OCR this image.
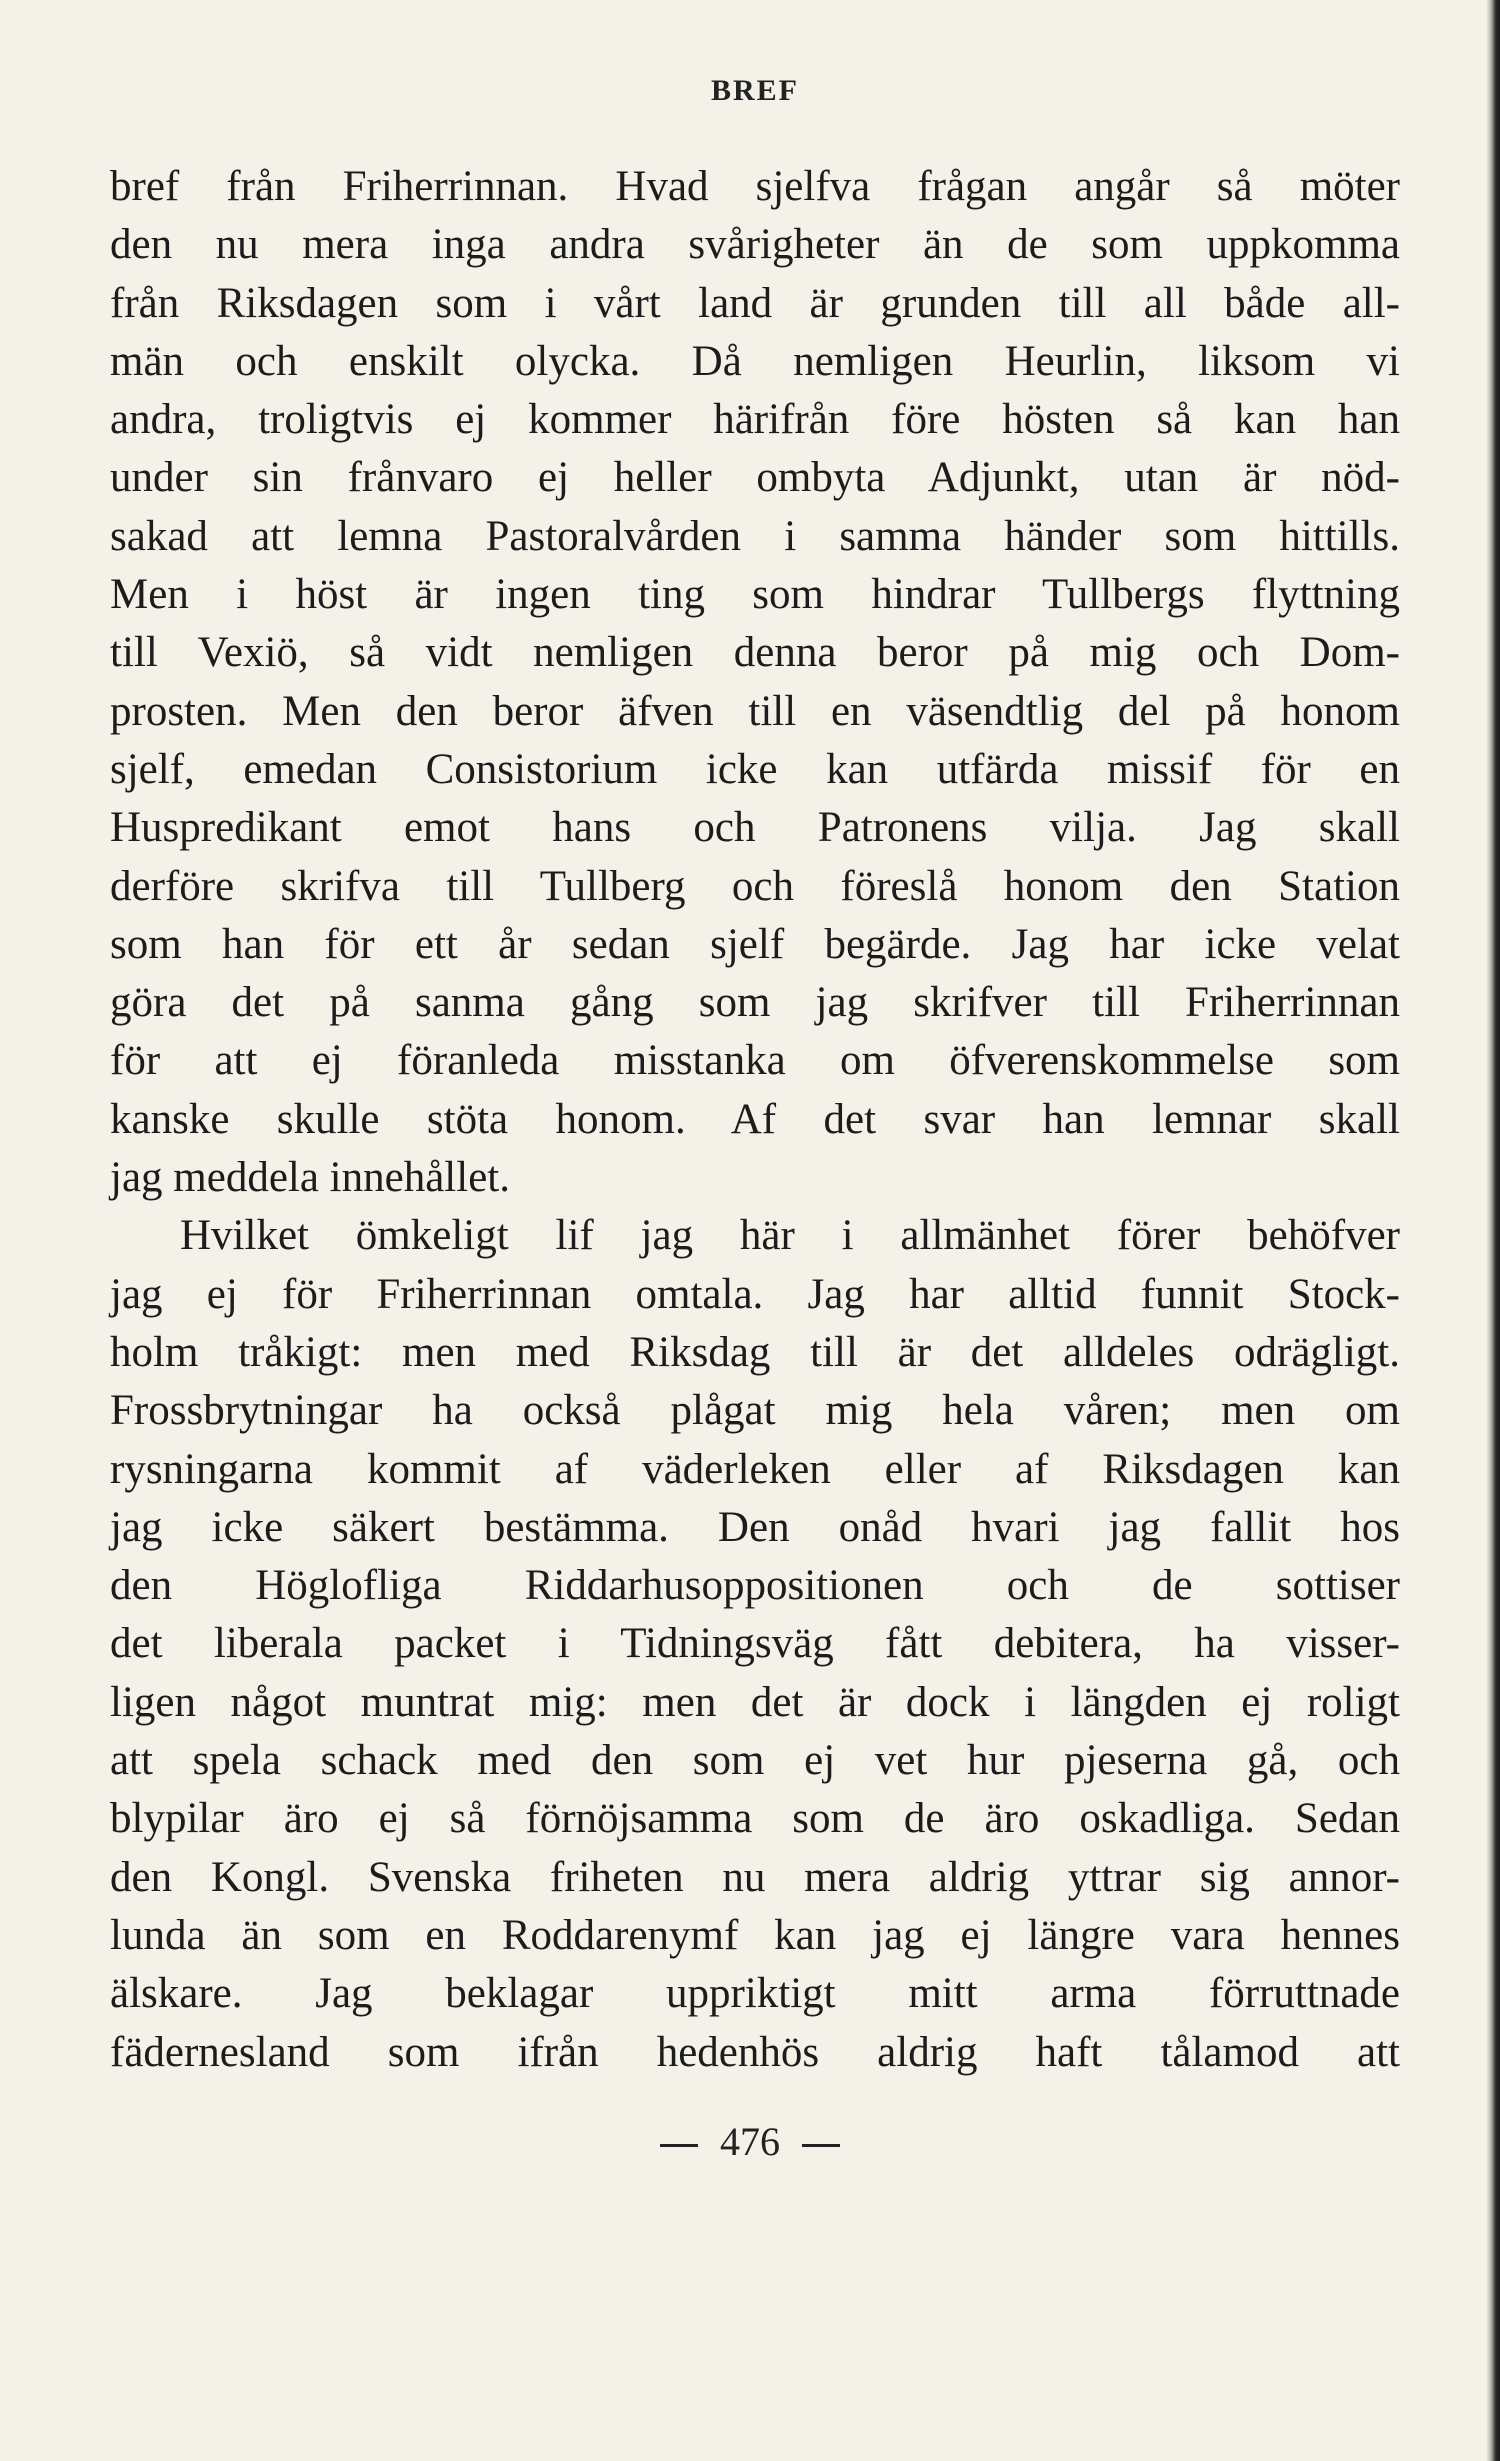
BREF
bref från Friherrinnan. Hvad sjelfva frågan angår så möter
den nu mera inga andra svårigheter än de som uppkomma
från Riksdagen som i vårt land är grunden till all både all-
män och enskilt olycka. Då nemligen Heurlin, liksom vi
andra, troligtvis ej kommer härifrån före hösten så kan han
under sin frånvaro ej heller ombyta Adjunkt, utan är nöd-
sakad att lemna Pastoralvården i samma händer som hittills.
Men i höst är ingen ting som hindrar Tullbergs flyttning
till Vexiö, så vidt nemligen denna beror på mig och Dom-
prosten. Men den beror äfven till en väsendtlig del på honom
sjelf, emedan Consistorium icke kan utfärda missif för en
Huspredikant emot hans och Patronens vilja. Jag skall
derföre skrifva till Tullberg och föreslå honom den Station
som han för ett år sedan sjelf begärde. Jag har icke velat
göra det på sanma gång som jag skrifver till Friherrinnan
för att ej föranleda misstanka om öfverenskommelse som
kanske skulle stöta honom. Af det svar han lemnar skall
jag meddela innehållet.
Hvilket ömkeligt lif jag här i allmänhet förer behöfver
jag ej för Friherrinnan omtala. Jag har alltid funnit Stock-
holm tråkigt: men med Riksdag till är det alldeles odrägligt.
Frossbrytningar ha också plågat mig hela våren; men om
rysningarna kommit af väderleken eller af Riksdagen kan
jag icke säkert bestämma. Den onåd hvari jag fallit hos
den Höglofliga Riddarhusoppositionen och de sottiser
det liberala packet i Tidningsväg fått debitera, ha visser-
ligen något muntrat mig: men det är dock i längden ej roligt
att spela schack med den som ej vet hur pjeserna gå, och
blypilar äro ej så förnöjsamma som de äro oskadliga. Sedan
den Kongl. Svenska friheten nu mera aldrig yttrar sig annor-
lunda än som en Roddarenymf kan jag ej längre vara hennes
älskare. Jag beklagar uppriktigt mitt arma förruttnade
fädernesland som ifrån hedenhös aldrig haft tålamod att
476
